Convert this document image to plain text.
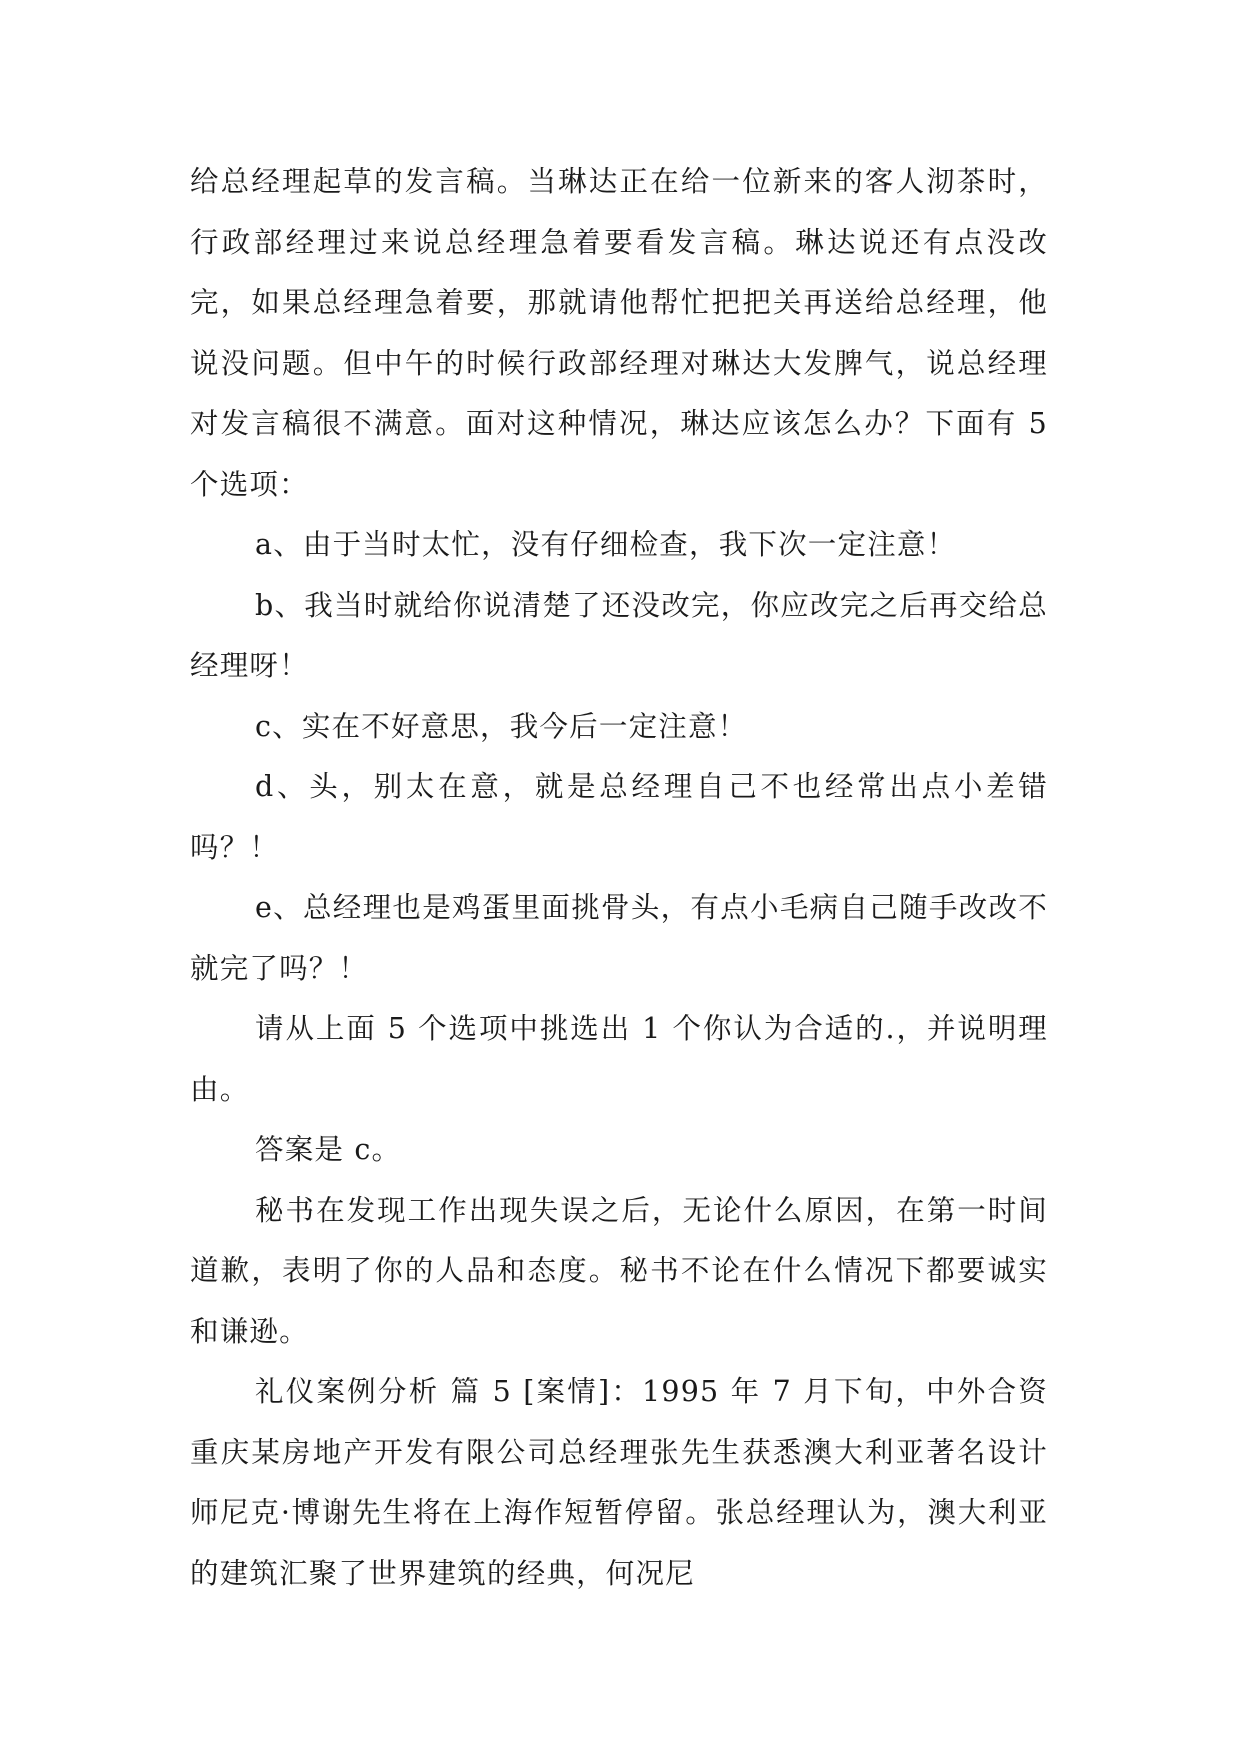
给总经理起草的发言稿。当琳达正在给一位新来的客人沏茶时，行政部经理过来说总经理急着要看发言稿。琳达说还有点没改完，如果总经理急着要，那就请他帮忙把把关再送给总经理，他说没问题。但中午的时候行政部经理对琳达大发脾气，说总经理对发言稿很不满意。面对这种情况，琳达应该怎么办？下面有 5 个选项：

a、由于当时太忙，没有仔细检查，我下次一定注意！

b、我当时就给你说清楚了还没改完，你应改完之后再交给总经理呀！

c、实在不好意思，我今后一定注意！

d、头，别太在意，就是总经理自己不也经常出点小差错吗？！

e、总经理也是鸡蛋里面挑骨头，有点小毛病自己随手改改不就完了吗？！

请从上面 5 个选项中挑选出 1 个你认为合适的.，并说明理由。

答案是 c。

秘书在发现工作出现失误之后，无论什么原因，在第一时间道歉，表明了你的人品和态度。秘书不论在什么情况下都要诚实和谦逊。

礼仪案例分析 篇 5 [案情]：1995 年 7 月下旬，中外合资重庆某房地产开发有限公司总经理张先生获悉澳大利亚著名设计师尼克·博谢先生将在上海作短暂停留。张总经理认为，澳大利亚的建筑汇聚了世界建筑的经典，何况尼
